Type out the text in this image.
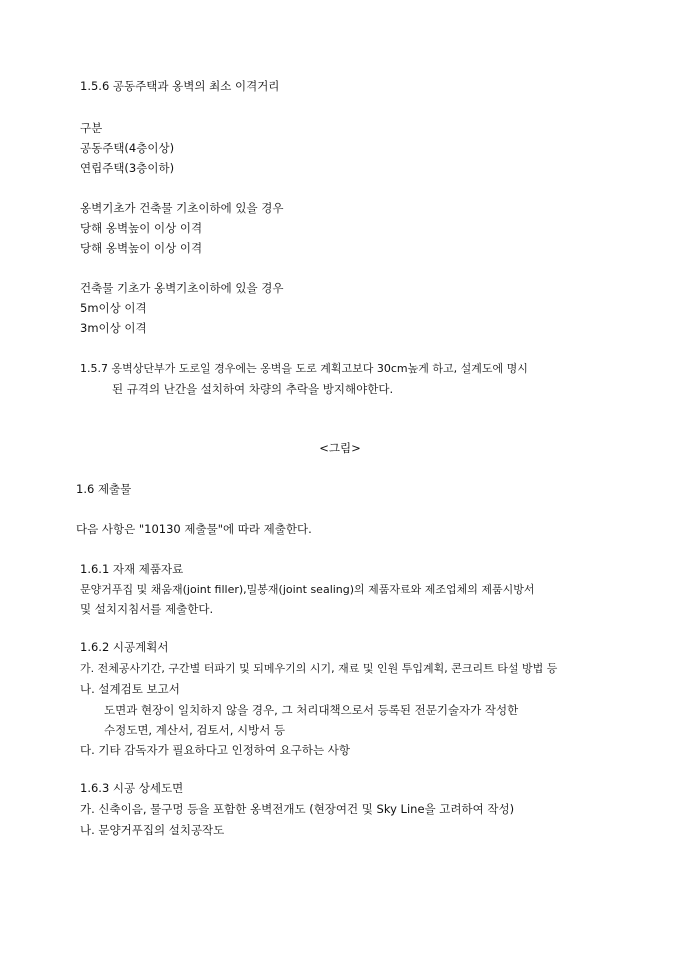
1.5.6 공동주택과 옹벽의 최소 이격거리
구분
공동주택(4층이상)
연립주택(3층이하)
옹벽기초가 건축물 기초이하에 있을 경우
당해 옹벽높이 이상 이격
당해 옹벽높이 이상 이격
건축물 기초가 옹벽기초이하에 있을 경우
5m이상 이격
3m이상 이격
1.5.7 옹벽상단부가 도로일 경우에는 옹벽을 도로 계획고보다 30cm높게 하고, 설계도에 명시
된 규격의 난간을 설치하여 차량의 추락을 방지해야한다.
<그림>
1.6 제출물
다음 사항은 "10130 제출물"에 따라 제출한다.
1.6.1 자재 제품자료
문양거푸집 및 채움재(joint filler),밀봉재(joint sealing)의 제품자료와 제조업체의 제품시방서
및 설치지침서를 제출한다.
1.6.2 시공계획서
가. 전체공사기간, 구간별 터파기 및 되메우기의 시기, 재료 및 인원 투입계획, 콘크리트 타설 방법 등
나. 설계검토 보고서
도면과 현장이 일치하지 않을 경우, 그 처리대책으로서 등록된 전문기술자가 작성한
수정도면, 계산서, 검토서, 시방서 등
다. 기타 감독자가 필요하다고 인정하여 요구하는 사항
1.6.3 시공 상세도면
가. 신축이음, 물구멍 등을 포함한 옹벽전개도 (현장여건 및 Sky Line을 고려하여 작성)
나. 문양거푸집의 설치공작도
